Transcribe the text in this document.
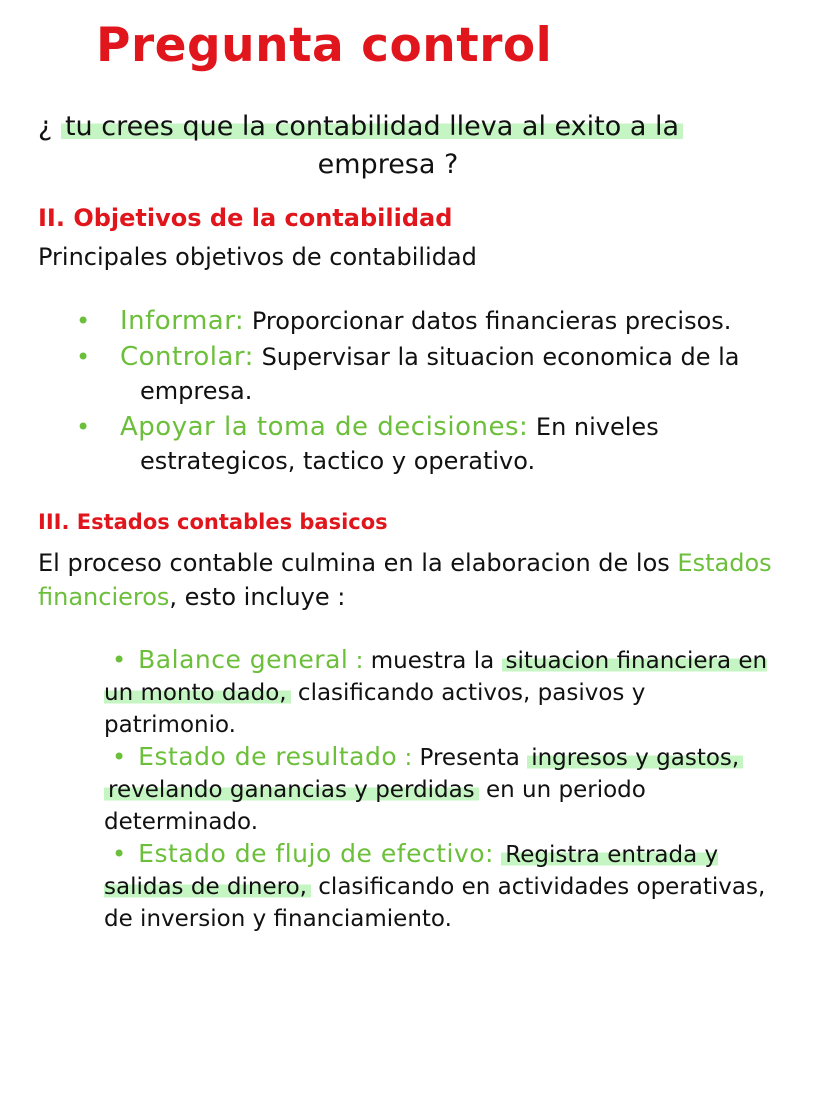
Pregunta control

¿ tu crees que la contabilidad lleva al exito a la
empresa ?

II. Objetivos de la contabilidad

Principales objetivos de contabilidad

• Informar: Proporcionar datos financieras precisos.
• Controlar: Supervisar la situacion economica de la empresa.
• Apoyar la toma de decisiones: En niveles estrategicos, tactico y operativo.
III. Estados contables basicos

El proceso contable culmina en la elaboracion de los Estados financieros, esto incluye :

• Balance general : muestra la situacion financiera en un monto dado, clasificando activos, pasivos y patrimonio.
• Estado de resultado : Presenta ingresos y gastos, revelando ganancias y perdidas en un periodo determinado.
• Estado de flujo de efectivo: Registra entrada y salidas de dinero, clasificando en actividades operativas, de inversion y financiamiento.
